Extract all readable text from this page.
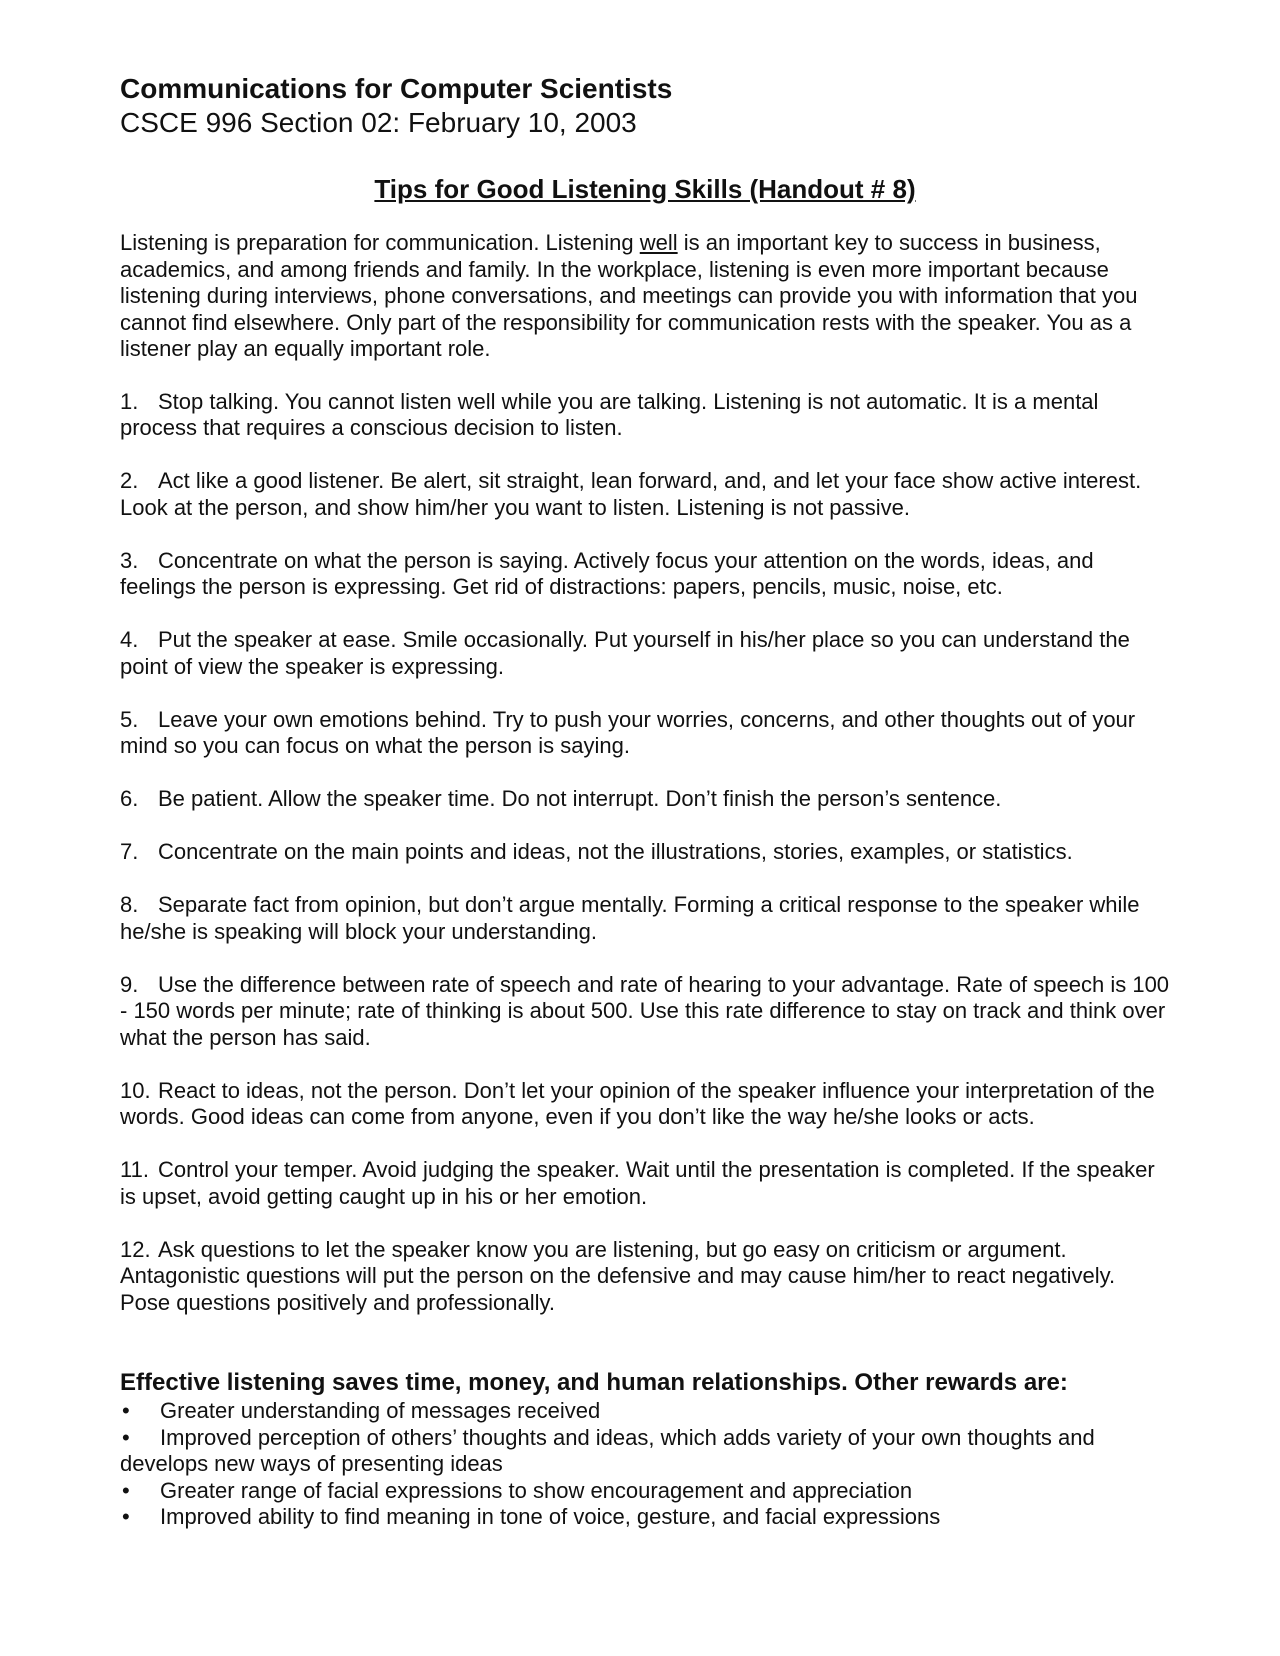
Communications for Computer Scientists

CSCE 996 Section 02: February 10, 2003

Tips for Good Listening Skills (Handout # 8)

Listening is preparation for communication. Listening well is an important key to success in business, academics, and among friends and family. In the workplace, listening is even more important because listening during interviews, phone conversations, and meetings can provide you with information that you cannot find elsewhere. Only part of the responsibility for communication rests with the speaker. You as a listener play an equally important role.

1. Stop talking. You cannot listen well while you are talking. Listening is not automatic. It is a mental process that requires a conscious decision to listen.
2. Act like a good listener. Be alert, sit straight, lean forward, and, and let your face show active interest. Look at the person, and show him/her you want to listen. Listening is not passive.
3. Concentrate on what the person is saying. Actively focus your attention on the words, ideas, and feelings the person is expressing. Get rid of distractions: papers, pencils, music, noise, etc.
4. Put the speaker at ease. Smile occasionally. Put yourself in his/her place so you can understand the point of view the speaker is expressing.
5. Leave your own emotions behind. Try to push your worries, concerns, and other thoughts out of your mind so you can focus on what the person is saying.
6. Be patient. Allow the speaker time. Do not interrupt. Don’t finish the person’s sentence.
7. Concentrate on the main points and ideas, not the illustrations, stories, examples, or statistics.
8. Separate fact from opinion, but don’t argue mentally. Forming a critical response to the speaker while he/she is speaking will block your understanding.
9. Use the difference between rate of speech and rate of hearing to your advantage. Rate of speech is 100 - 150 words per minute; rate of thinking is about 500. Use this rate difference to stay on track and think over what the person has said.
10. React to ideas, not the person. Don’t let your opinion of the speaker influence your interpretation of the words. Good ideas can come from anyone, even if you don’t like the way he/she looks or acts.
11. Control your temper. Avoid judging the speaker. Wait until the presentation is completed. If the speaker is upset, avoid getting caught up in his or her emotion.
12. Ask questions to let the speaker know you are listening, but go easy on criticism or argument. Antagonistic questions will put the person on the defensive and may cause him/her to react negatively. Pose questions positively and professionally.

Effective listening saves time, money, and human relationships. Other rewards are:

• Greater understanding of messages received
• Improved perception of others’ thoughts and ideas, which adds variety of your own thoughts and develops new ways of presenting ideas
• Greater range of facial expressions to show encouragement and appreciation
• Improved ability to find meaning in tone of voice, gesture, and facial expressions
